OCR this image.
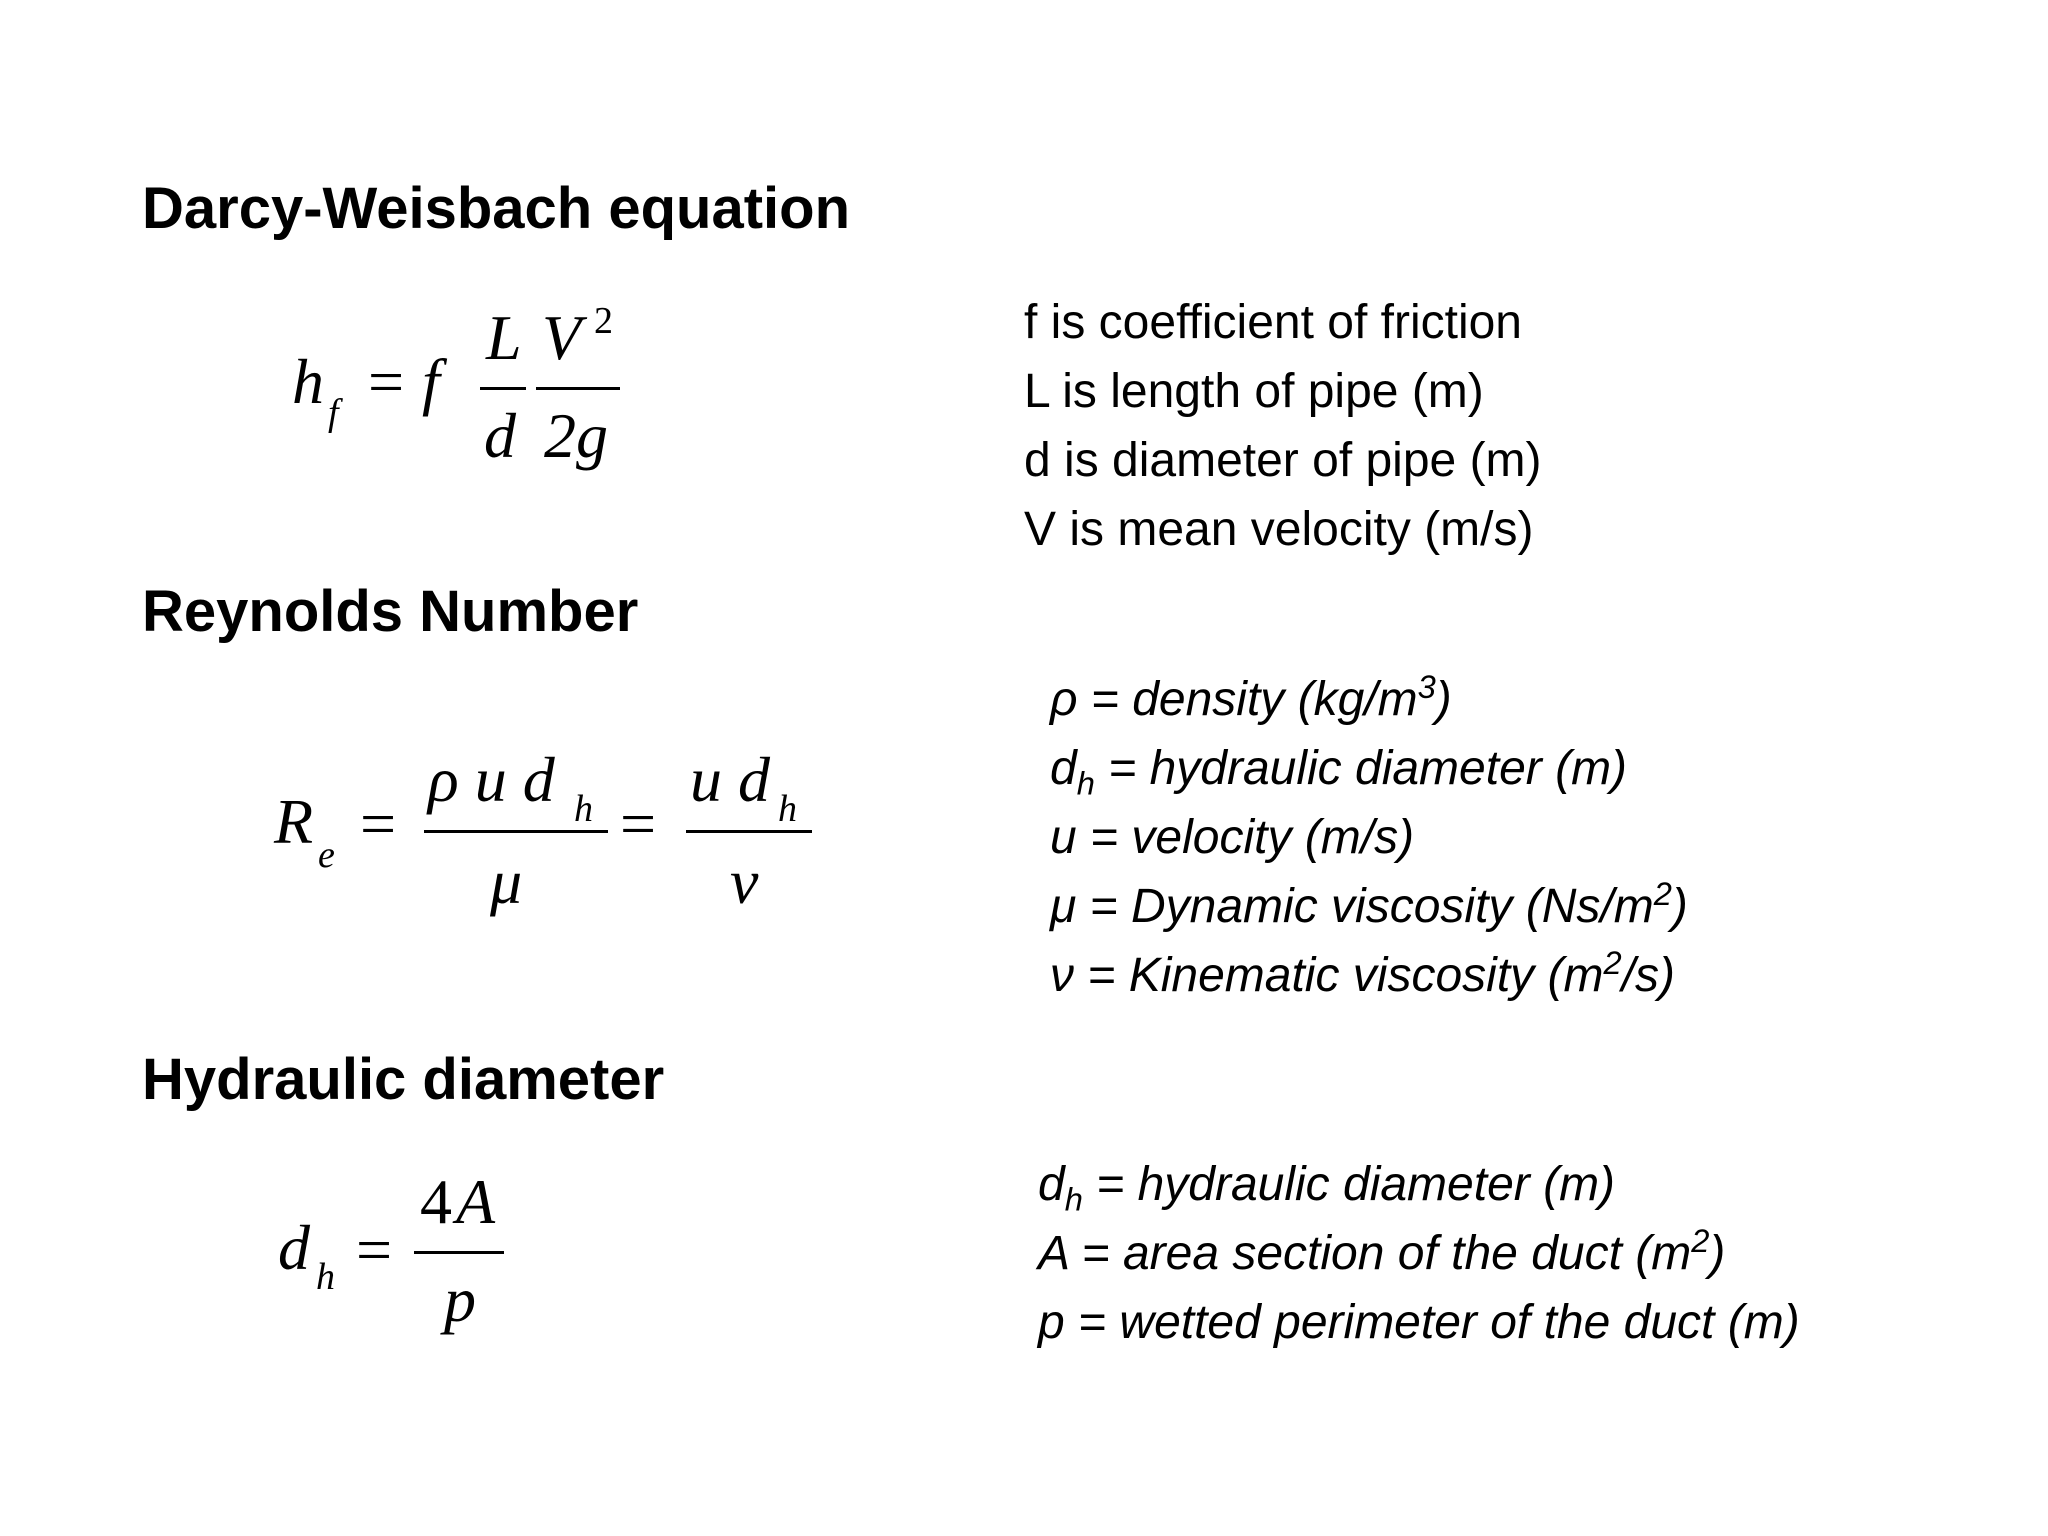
Darcy-Weisbach equation
Reynolds Number
Hydraulic diameter
h f = f
L
d
V 2
2g
f is coefficient of friction
L is length of pipe (m)
d is diameter of pipe (m)
V is mean velocity (m/s)
R e =
ρ u d h
μ
=
u d h
ν
ρ = density $(kg/m^3)$
$d_h$ = hydraulic diameter (m)
u = velocity (m/s)
μ = Dynamic viscosity $(Ns/m^2)$
ν = Kinematic viscosity $(m^2/s)$
d h =
4 A
p
$d_h$ = hydraulic diameter (m)
A = area section of the duct $(m^2)$
p = wetted perimeter of the duct (m)
